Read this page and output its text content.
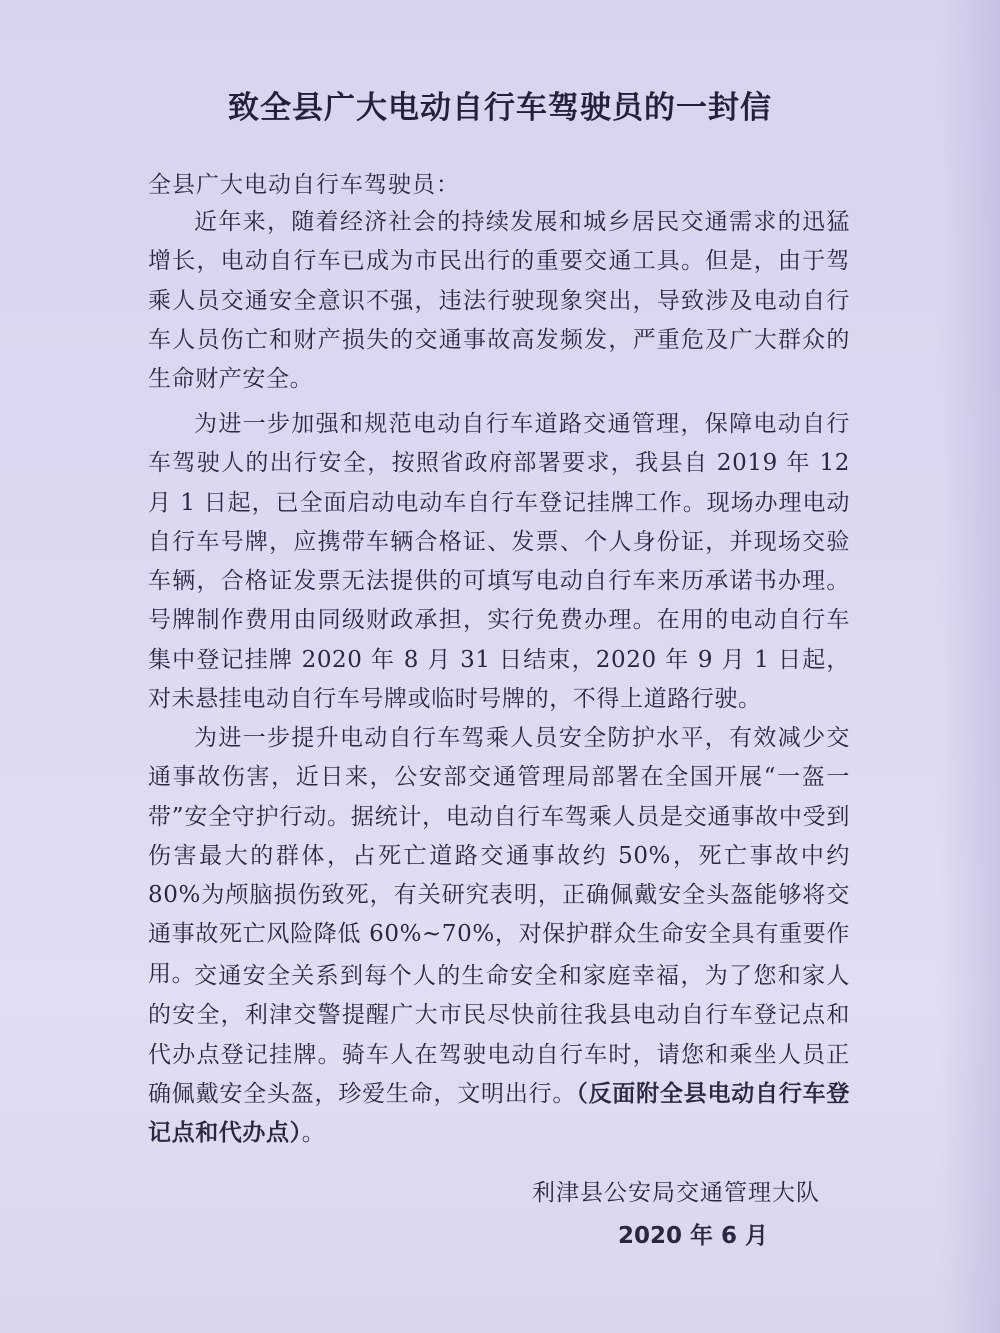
致全县广大电动自行车驾驶员的一封信

全县广大电动自行车驾驶员：

近年来，随着经济社会的持续发展和城乡居民交通需求的迅猛增长，电动自行车已成为市民出行的重要交通工具。但是，由于驾乘人员交通安全意识不强，违法行驶现象突出，导致涉及电动自行车人员伤亡和财产损失的交通事故高发频发，严重危及广大群众的生命财产安全。

为进一步加强和规范电动自行车道路交通管理，保障电动自行车驾驶人的出行安全，按照省政府部署要求，我县自 2019 年 12 月 1 日起，已全面启动电动车自行车登记挂牌工作。现场办理电动自行车号牌，应携带车辆合格证、发票、个人身份证，并现场交验车辆，合格证发票无法提供的可填写电动自行车来历承诺书办理。号牌制作费用由同级财政承担，实行免费办理。在用的电动自行车集中登记挂牌 2020 年 8 月 31 日结束，2020 年 9 月 1 日起，对未悬挂电动自行车号牌或临时号牌的，不得上道路行驶。

为进一步提升电动自行车驾乘人员安全防护水平，有效减少交通事故伤害，近日来，公安部交通管理局部署在全国开展“一盔一带”安全守护行动。据统计，电动自行车驾乘人员是交通事故中受到伤害最大的群体，占死亡道路交通事故约 50%，死亡事故中约 80%为颅脑损伤致死，有关研究表明，正确佩戴安全头盔能够将交通事故死亡风险降低 60%~70%，对保护群众生命安全具有重要作用。

交通安全关系到每个人的生命安全和家庭幸福，为了您和家人的安全，利津交警提醒广大市民尽快前往我县电动自行车登记点和代办点登记挂牌。骑车人在驾驶电动自行车时，请您和乘坐人员正确佩戴安全头盔，珍爱生命，文明出行。（反面附全县电动自行车登记点和代办点）。

利津县公安局交通管理大队

2020 年 6 月
